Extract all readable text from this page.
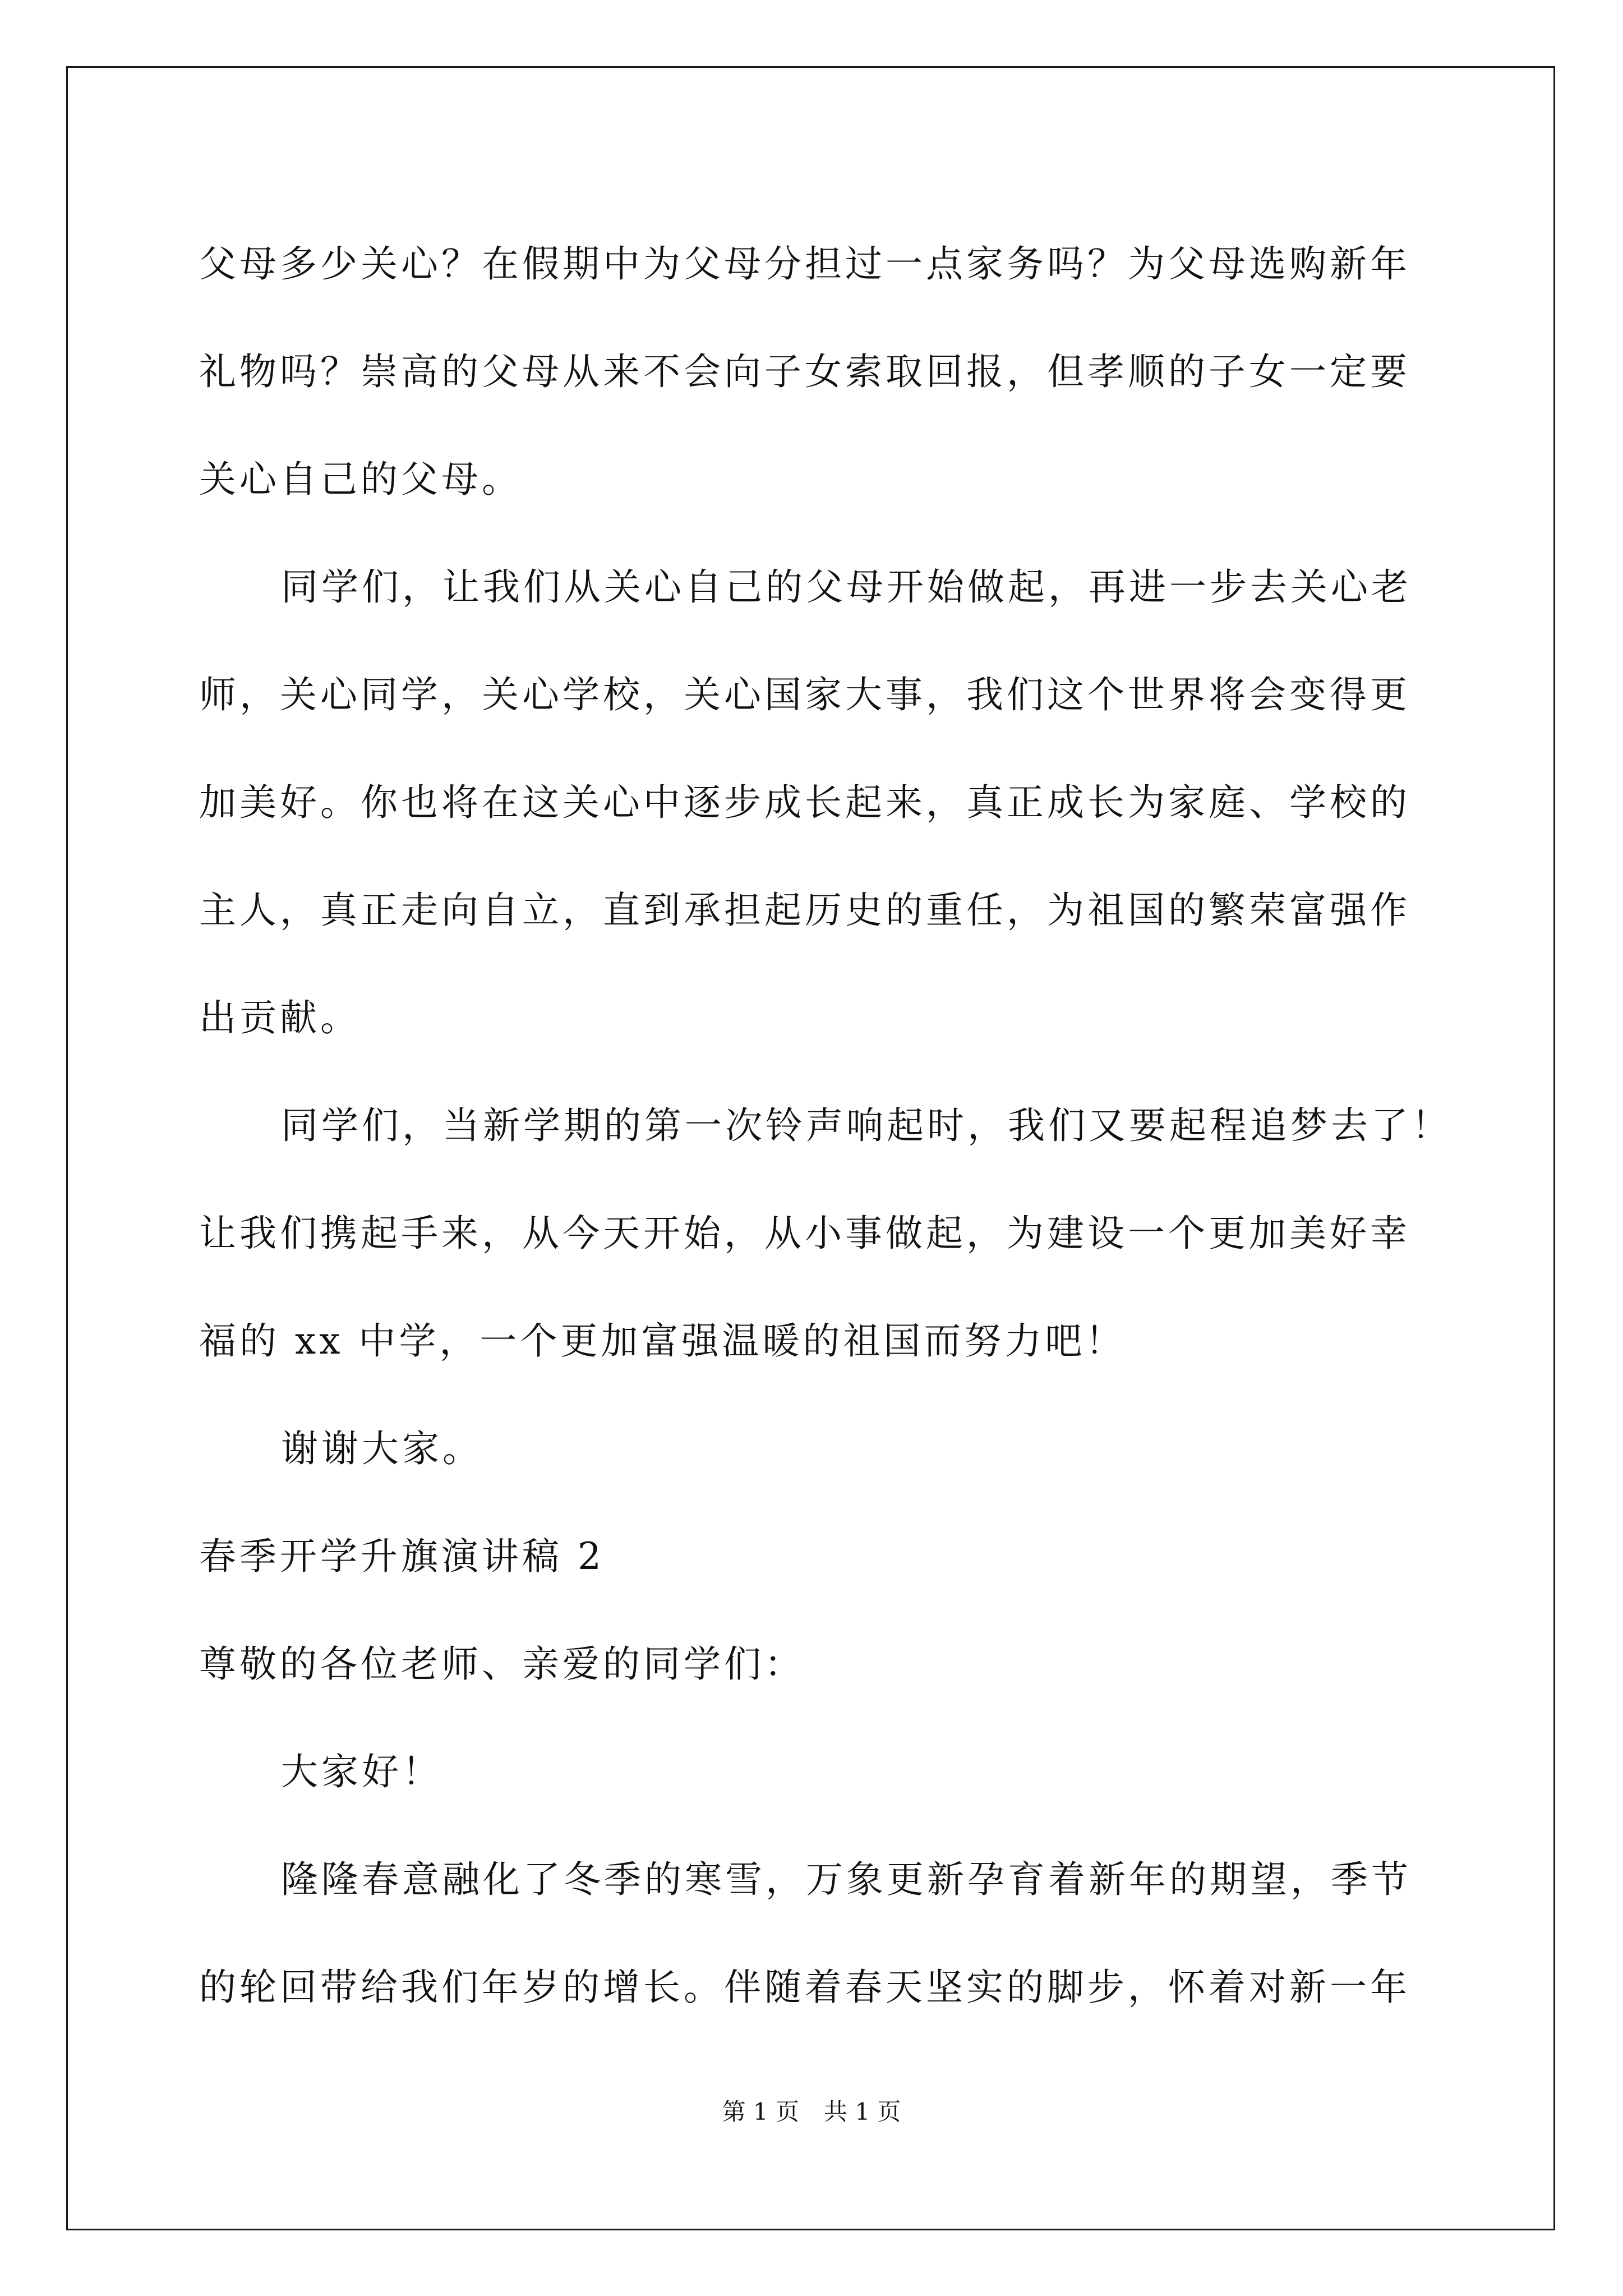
父母多少关心？在假期中为父母分担过一点家务吗？为父母选购新年
礼物吗？崇高的父母从来不会向子女索取回报，但孝顺的子女一定要
关心自己的父母。
同学们，让我们从关心自己的父母开始做起，再进一步去关心老
师，关心同学，关心学校，关心国家大事，我们这个世界将会变得更
加美好。你也将在这关心中逐步成长起来，真正成长为家庭、学校的
主人，真正走向自立，直到承担起历史的重任，为祖国的繁荣富强作
出贡献。
同学们，当新学期的第一次铃声响起时，我们又要起程追梦去了！
让我们携起手来，从今天开始，从小事做起，为建设一个更加美好幸
福的 xx 中学，一个更加富强温暖的祖国而努力吧！
谢谢大家。
春季开学升旗演讲稿 2
尊敬的各位老师、亲爱的同学们：
大家好！
隆隆春意融化了冬季的寒雪，万象更新孕育着新年的期望，季节
的轮回带给我们年岁的增长。伴随着春天坚实的脚步，怀着对新一年
第 1 页 共 1 页
